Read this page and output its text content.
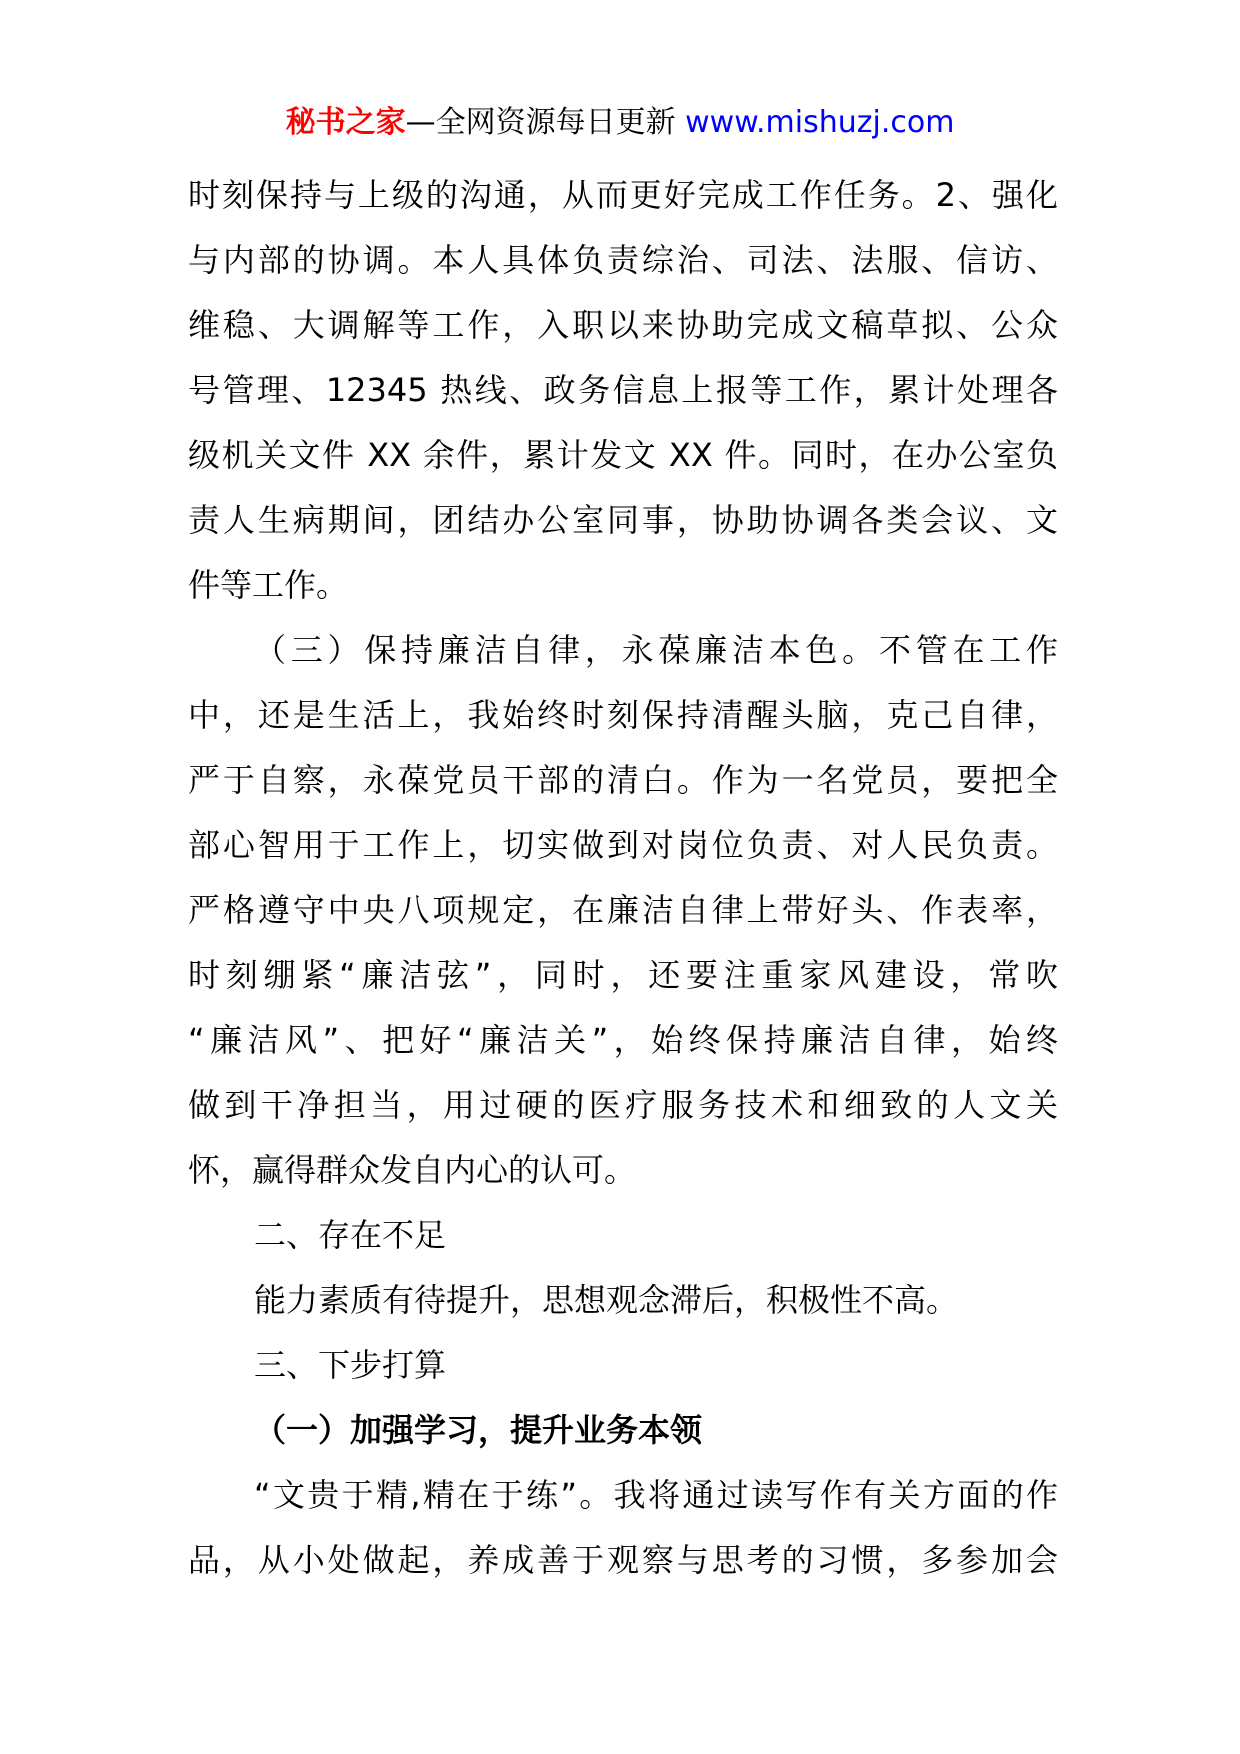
秘书之家—全网资源每日更新 www.mishuzj.com
时刻保持与上级的沟通，从而更好完成工作任务。2、强化
与内部的协调。本人具体负责综治、司法、法服、信访、
维稳、大调解等工作，入职以来协助完成文稿草拟、公众
号管理、12345 热线、政务信息上报等工作，累计处理各
级机关文件 XX 余件，累计发文 XX 件。同时，在办公室负
责人生病期间，团结办公室同事，协助协调各类会议、文
件等工作。
（三）保持廉洁自律，永葆廉洁本色。不管在工作
中，还是生活上，我始终时刻保持清醒头脑，克己自律，
严于自察，永葆党员干部的清白。作为一名党员，要把全
部心智用于工作上，切实做到对岗位负责、对人民负责。
严格遵守中央八项规定，在廉洁自律上带好头、作表率，
时刻绷紧“廉洁弦”，同时，还要注重家风建设，常吹
“廉洁风”、把好“廉洁关”，始终保持廉洁自律，始终
做到干净担当，用过硬的医疗服务技术和细致的人文关
怀，赢得群众发自内心的认可。
二、存在不足
能力素质有待提升，思想观念滞后，积极性不高。
三、下步打算
（一）加强学习，提升业务本领
“文贵于精,精在于练”。我将通过读写作有关方面的作
品，从小处做起，养成善于观察与思考的习惯，多参加会
